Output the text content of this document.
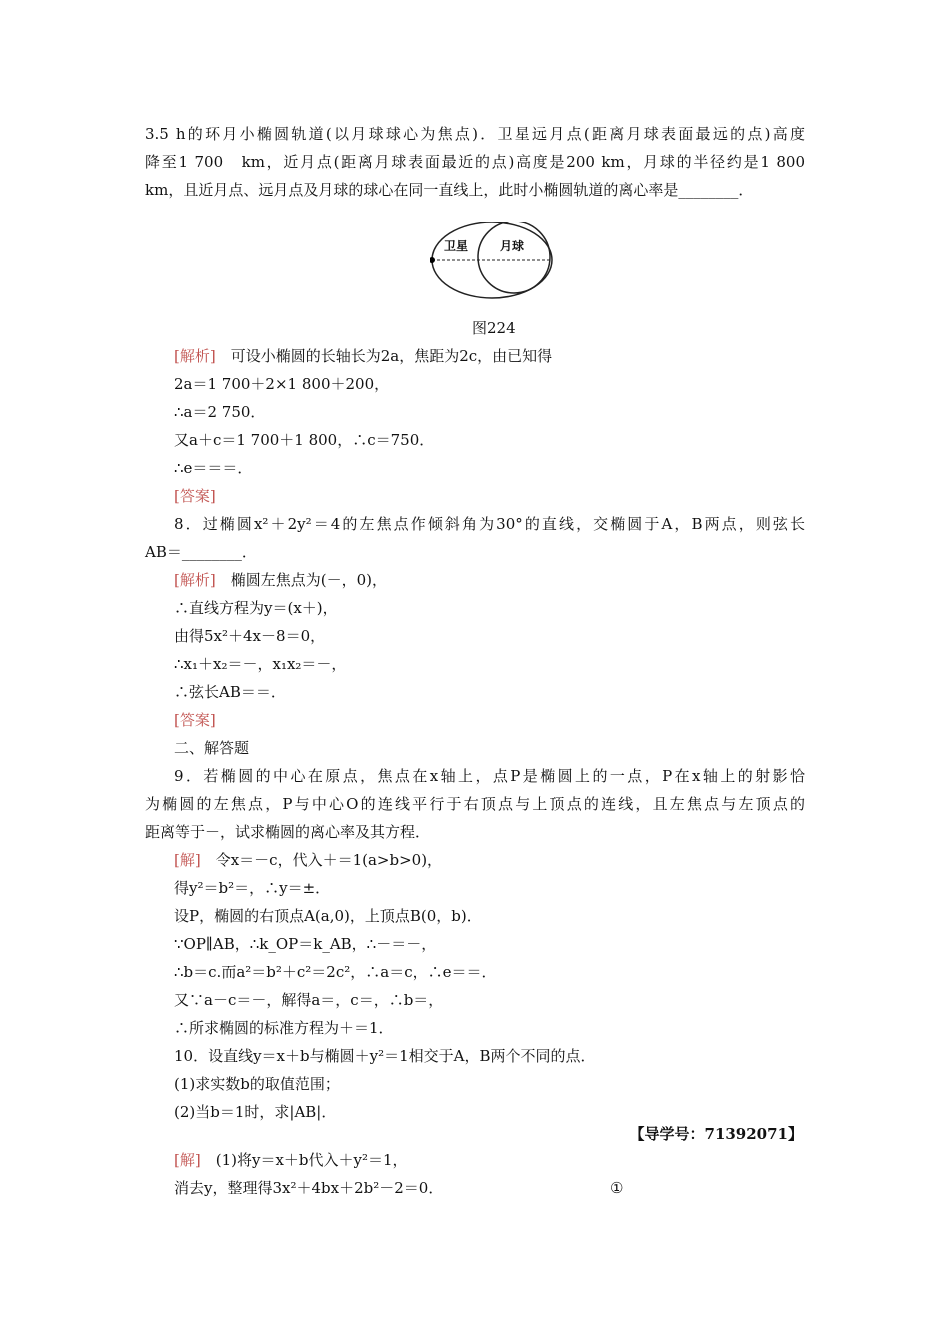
3.5 h的环月小椭圆轨道(以月球球心为焦点)．卫星远月点(距离月球表面最远的点)高度
降至1 700　km，近月点(距离月球表面最近的点)高度是200 km，月球的半径约是1 800
km，且近月点、远月点及月球的球心在同一直线上，此时小椭圆轨道的离心率是________．
卫星	月球
图224
[解析]　可设小椭圆的长轴长为2a，焦距为2c，由已知得
2a＝1 700＋2×1 800＋200，
∴a＝2 750．
又a＋c＝1 700＋1 800，∴c＝750．
∴e＝＝＝．
[答案]
8．过椭圆x²＋2y²＝4的左焦点作倾斜角为30°的直线，交椭圆于A，B两点，则弦长
AB＝________．
[解析]　椭圆左焦点为(－，0)，
∴直线方程为y＝(x＋)，
由得5x²＋4x－8＝0，
∴x₁＋x₂＝－，x₁x₂＝－，
∴弦长AB＝＝．
[答案]
二、解答题
9．若椭圆的中心在原点，焦点在x轴上，点P是椭圆上的一点，P在x轴上的射影恰
为椭圆的左焦点，P与中心O的连线平行于右顶点与上顶点的连线，且左焦点与左顶点的
距离等于－，试求椭圆的离心率及其方程．
[解]　令x＝－c，代入＋＝1(a>b>0)，
得y²＝b²＝，∴y＝±．
设P，椭圆的右顶点A(a,0)，上顶点B(0，b)．
∵OP∥AB，∴k_OP＝k_AB，∴－＝－，
∴b＝c.而a²＝b²＋c²＝2c²，∴a＝c，∴e＝＝．
又∵a－c＝－，解得a＝，c＝，∴b＝，
∴所求椭圆的标准方程为＋＝1．
10．设直线y＝x＋b与椭圆＋y²＝1相交于A，B两个不同的点．
(1)求实数b的取值范围；
(2)当b＝1时，求|AB|．
【导学号：71392071】
[解]　(1)将y＝x＋b代入＋y²＝1，
消去y，整理得3x²＋4bx＋2b²－2＝0．	①
